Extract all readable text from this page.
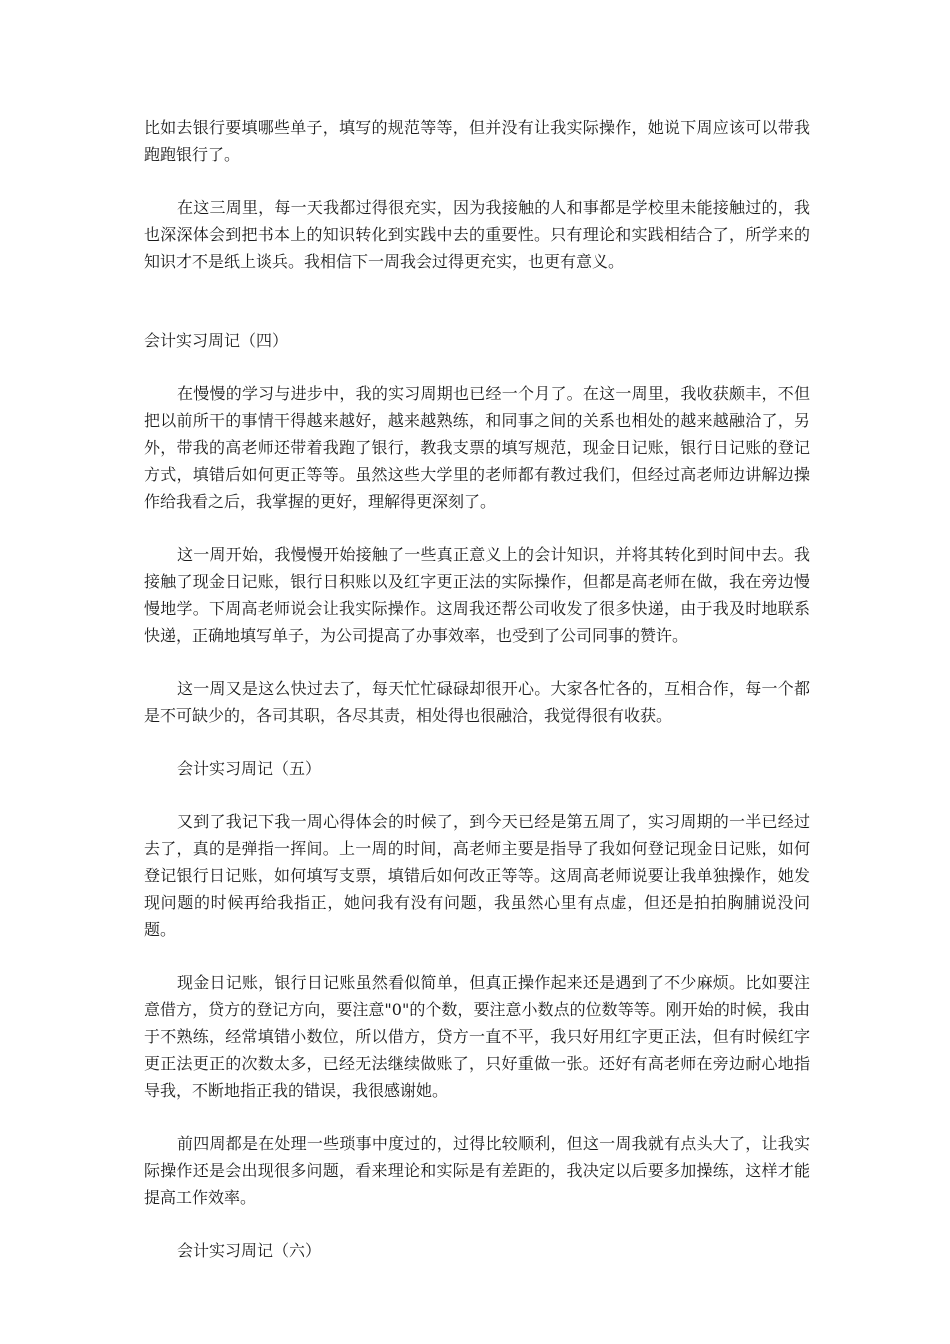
比如去银行要填哪些单子，填写的规范等等，但并没有让我实际操作，她说下周应该可以带我跑跑银行了。

在这三周里，每一天我都过得很充实，因为我接触的人和事都是学校里未能接触过的，我也深深体会到把书本上的知识转化到实践中去的重要性。只有理论和实践相结合了，所学来的知识才不是纸上谈兵。我相信下一周我会过得更充实，也更有意义。

会计实习周记（四）

在慢慢的学习与进步中，我的实习周期也已经一个月了。在这一周里，我收获颇丰，不但把以前所干的事情干得越来越好，越来越熟练，和同事之间的关系也相处的越来越融洽了，另外，带我的高老师还带着我跑了银行，教我支票的填写规范，现金日记账，银行日记账的登记方式，填错后如何更正等等。虽然这些大学里的老师都有教过我们，但经过高老师边讲解边操作给我看之后，我掌握的更好，理解得更深刻了。

这一周开始，我慢慢开始接触了一些真正意义上的会计知识，并将其转化到时间中去。我接触了现金日记账，银行日积账以及红字更正法的实际操作，但都是高老师在做，我在旁边慢慢地学。下周高老师说会让我实际操作。这周我还帮公司收发了很多快递，由于我及时地联系快递，正确地填写单子，为公司提高了办事效率，也受到了公司同事的赞许。

这一周又是这么快过去了，每天忙忙碌碌却很开心。大家各忙各的，互相合作，每一个都是不可缺少的，各司其职，各尽其责，相处得也很融洽，我觉得很有收获。

会计实习周记（五）

又到了我记下我一周心得体会的时候了，到今天已经是第五周了，实习周期的一半已经过去了，真的是弹指一挥间。上一周的时间，高老师主要是指导了我如何登记现金日记账，如何登记银行日记账，如何填写支票，填错后如何改正等等。这周高老师说要让我单独操作，她发现问题的时候再给我指正，她问我有没有问题，我虽然心里有点虚，但还是拍拍胸脯说没问题。

现金日记账，银行日记账虽然看似简单，但真正操作起来还是遇到了不少麻烦。比如要注意借方，贷方的登记方向，要注意"0"的个数，要注意小数点的位数等等。刚开始的时候，我由于不熟练，经常填错小数位，所以借方，贷方一直不平，我只好用红字更正法，但有时候红字更正法更正的次数太多，已经无法继续做账了，只好重做一张。还好有高老师在旁边耐心地指导我，不断地指正我的错误，我很感谢她。

前四周都是在处理一些琐事中度过的，过得比较顺利，但这一周我就有点头大了，让我实际操作还是会出现很多问题，看来理论和实际是有差距的，我决定以后要多加操练，这样才能提高工作效率。

会计实习周记（六）
